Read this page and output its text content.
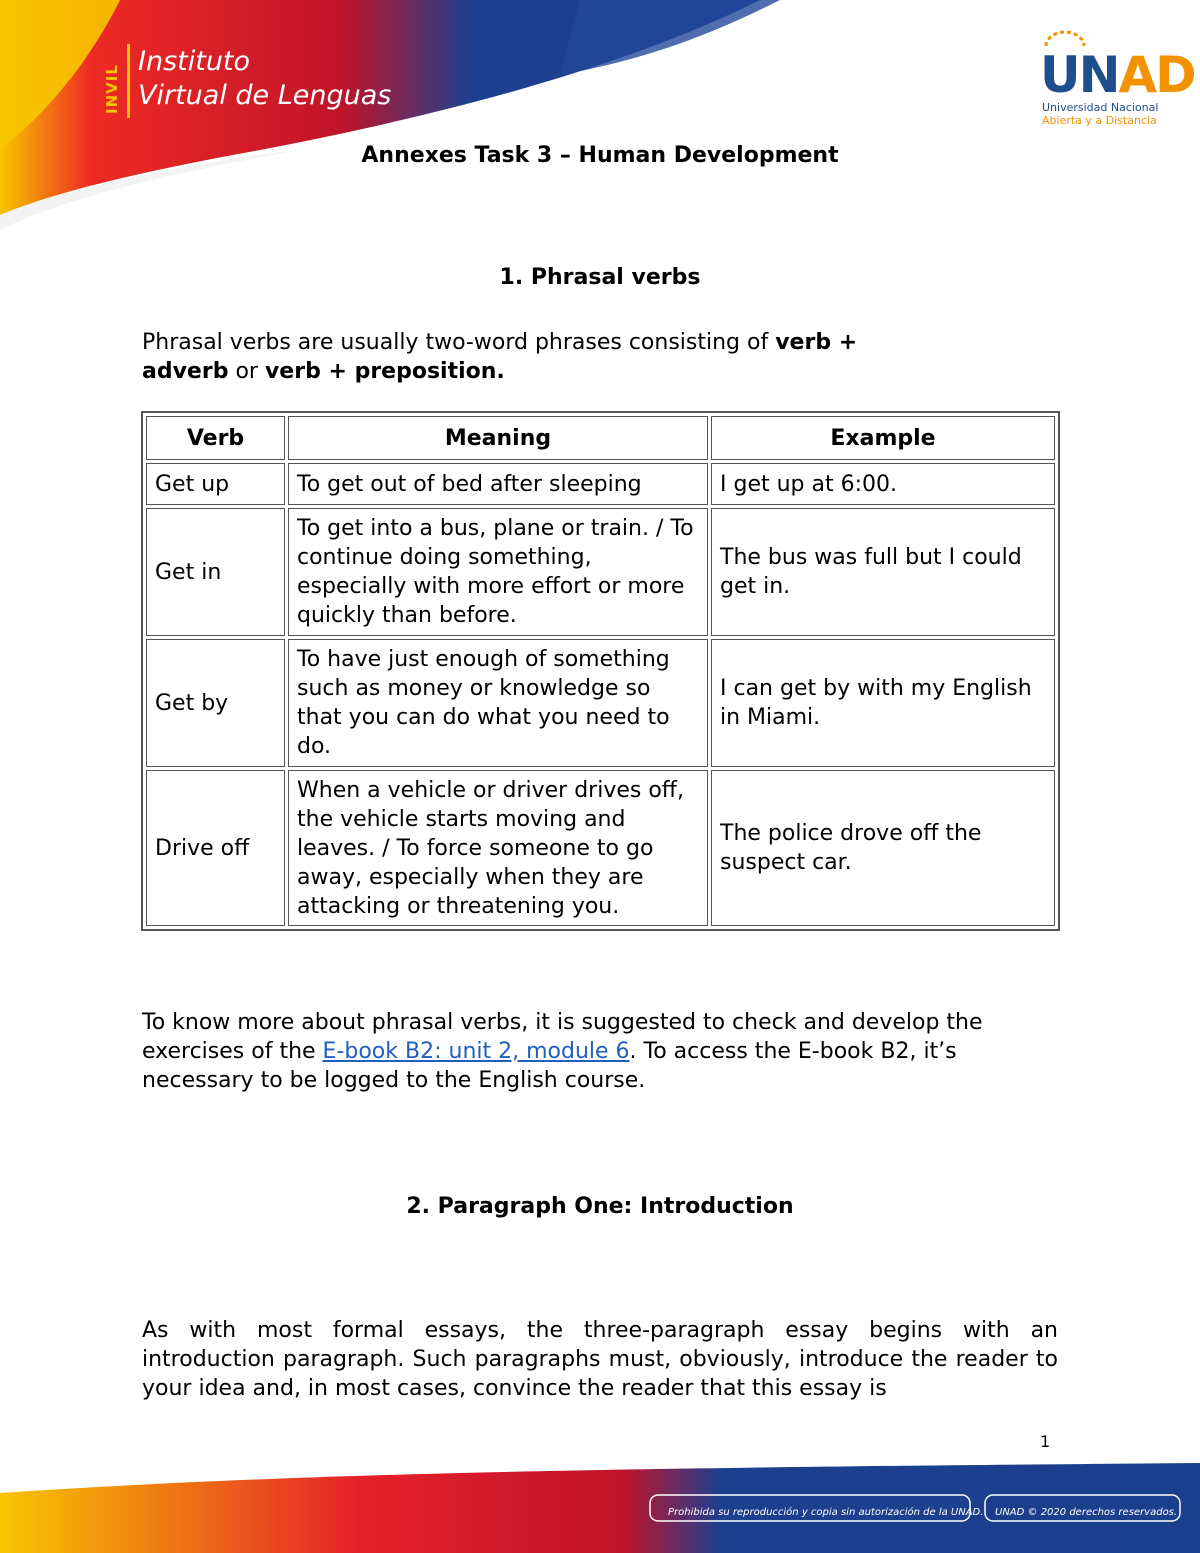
INVIL
Instituto
Virtual de Lenguas	UNAD
Universidad Nacional
Abierta y a Distancia
Annexes Task 3 – Human Development
1. Phrasal verbs
Phrasal verbs are usually two-word phrases consisting of verb + adverb or verb + preposition.
Verb	Meaning	Example
Get up	To get out of bed after sleeping	I get up at 6:00.
Get in	To get into a bus, plane or train. / To continue doing something, especially with more effort or more quickly than before.	The bus was full but I could get in.
Get by	To have just enough of something such as money or knowledge so that you can do what you need to do.	I can get by with my English in Miami.
Drive off	When a vehicle or driver drives off, the vehicle starts moving and leaves. / To force someone to go away, especially when they are attacking or threatening you.	The police drove off the suspect car.
To know more about phrasal verbs, it is suggested to check and develop the exercises of the E-book B2: unit 2, module 6. To access the E-book B2, it’s necessary to be logged to the English course.
2. Paragraph One: Introduction
As with most formal essays, the three-paragraph essay begins with an introduction paragraph. Such paragraphs must, obviously, introduce the reader to your idea and, in most cases, convince the reader that this essay is
1
Prohibida su reproducción y copia sin autorización de la UNAD. UNAD © 2020 derechos reservados.
